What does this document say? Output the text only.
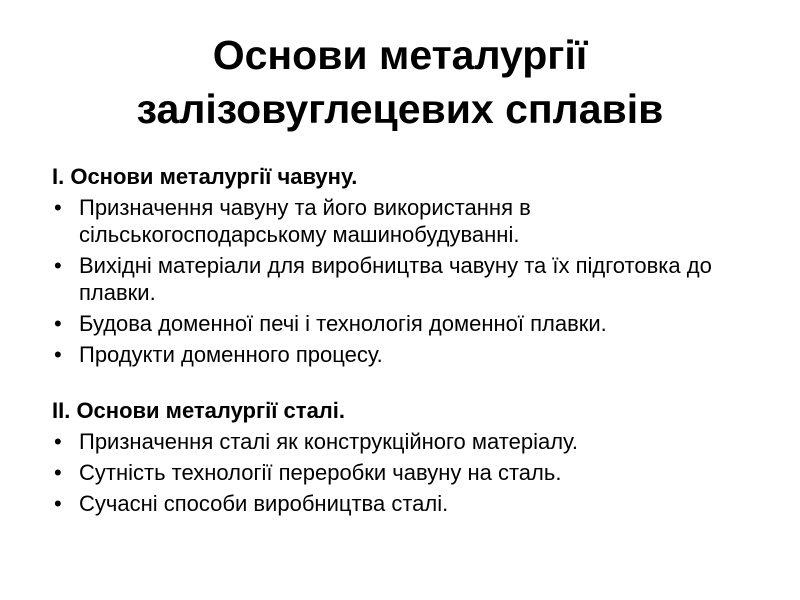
Основи металургії
залізовуглецевих сплавів

І. Основи металургії чавуну.

• Призначення чавуну та його використання в сільськогосподарському машинобудуванні.
• Вихідні матеріали для виробництва чавуну та їх підготовка до плавки.
• Будова доменної печі і технологія доменної плавки.
• Продукти доменного процесу.

ІІ. Основи металургії сталі.

• Призначення сталі як конструкційного матеріалу.
• Сутність технології переробки чавуну на сталь.
• Сучасні способи виробництва сталі.
